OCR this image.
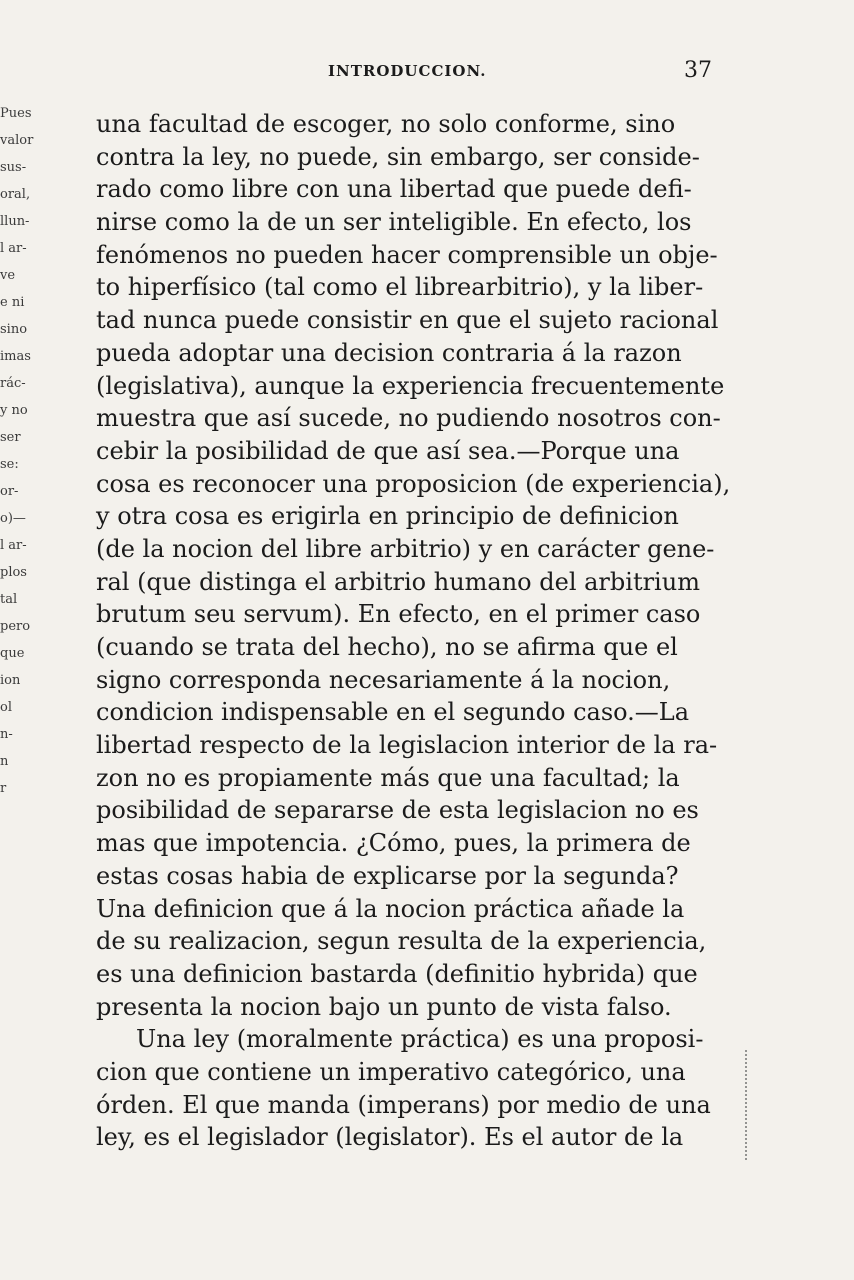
Pues
valor
sus-
oral,
llun-
l ar-
ve
e ni
sino
imas
rác-
y no
ser
se:
or-
o)—
l ar-
plos
tal
pero
que
ion
ol
n-
n
r
INTRODUCCION.	37
una facultad de escoger, no solo conforme, sino
contra la ley, no puede, sin embargo, ser conside-
rado como libre con una libertad que puede defi-
nirse como la de un ser inteligible. En efecto, los
fenómenos no pueden hacer comprensible un obje-
to hiperfísico (tal como el librearbitrio), y la liber-
tad nunca puede consistir en que el sujeto racional
pueda adoptar una decision contraria á la razon
(legislativa), aunque la experiencia frecuentemente
muestra que así sucede, no pudiendo nosotros con-
cebir la posibilidad de que así sea.—Porque una
cosa es reconocer una proposicion (de experiencia),
y otra cosa es erigirla en principio de definicion
(de la nocion del libre arbitrio) y en carácter gene-
ral (que distinga el arbitrio humano del arbitrium
brutum seu servum). En efecto, en el primer caso
(cuando se trata del hecho), no se afirma que el
signo corresponda necesariamente á la nocion,
condicion indispensable en el segundo caso.—La
libertad respecto de la legislacion interior de la ra-
zon no es propiamente más que una facultad; la
posibilidad de separarse de esta legislacion no es
mas que impotencia. ¿Cómo, pues, la primera de
estas cosas habia de explicarse por la segunda?
Una definicion que á la nocion práctica añade la
de su realizacion, segun resulta de la experiencia,
es una definicion bastarda (definitio hybrida) que
presenta la nocion bajo un punto de vista falso.
Una ley (moralmente práctica) es una proposi-
cion que contiene un imperativo categórico, una
órden. El que manda (imperans) por medio de una
ley, es el legislador (legislator). Es el autor de la
